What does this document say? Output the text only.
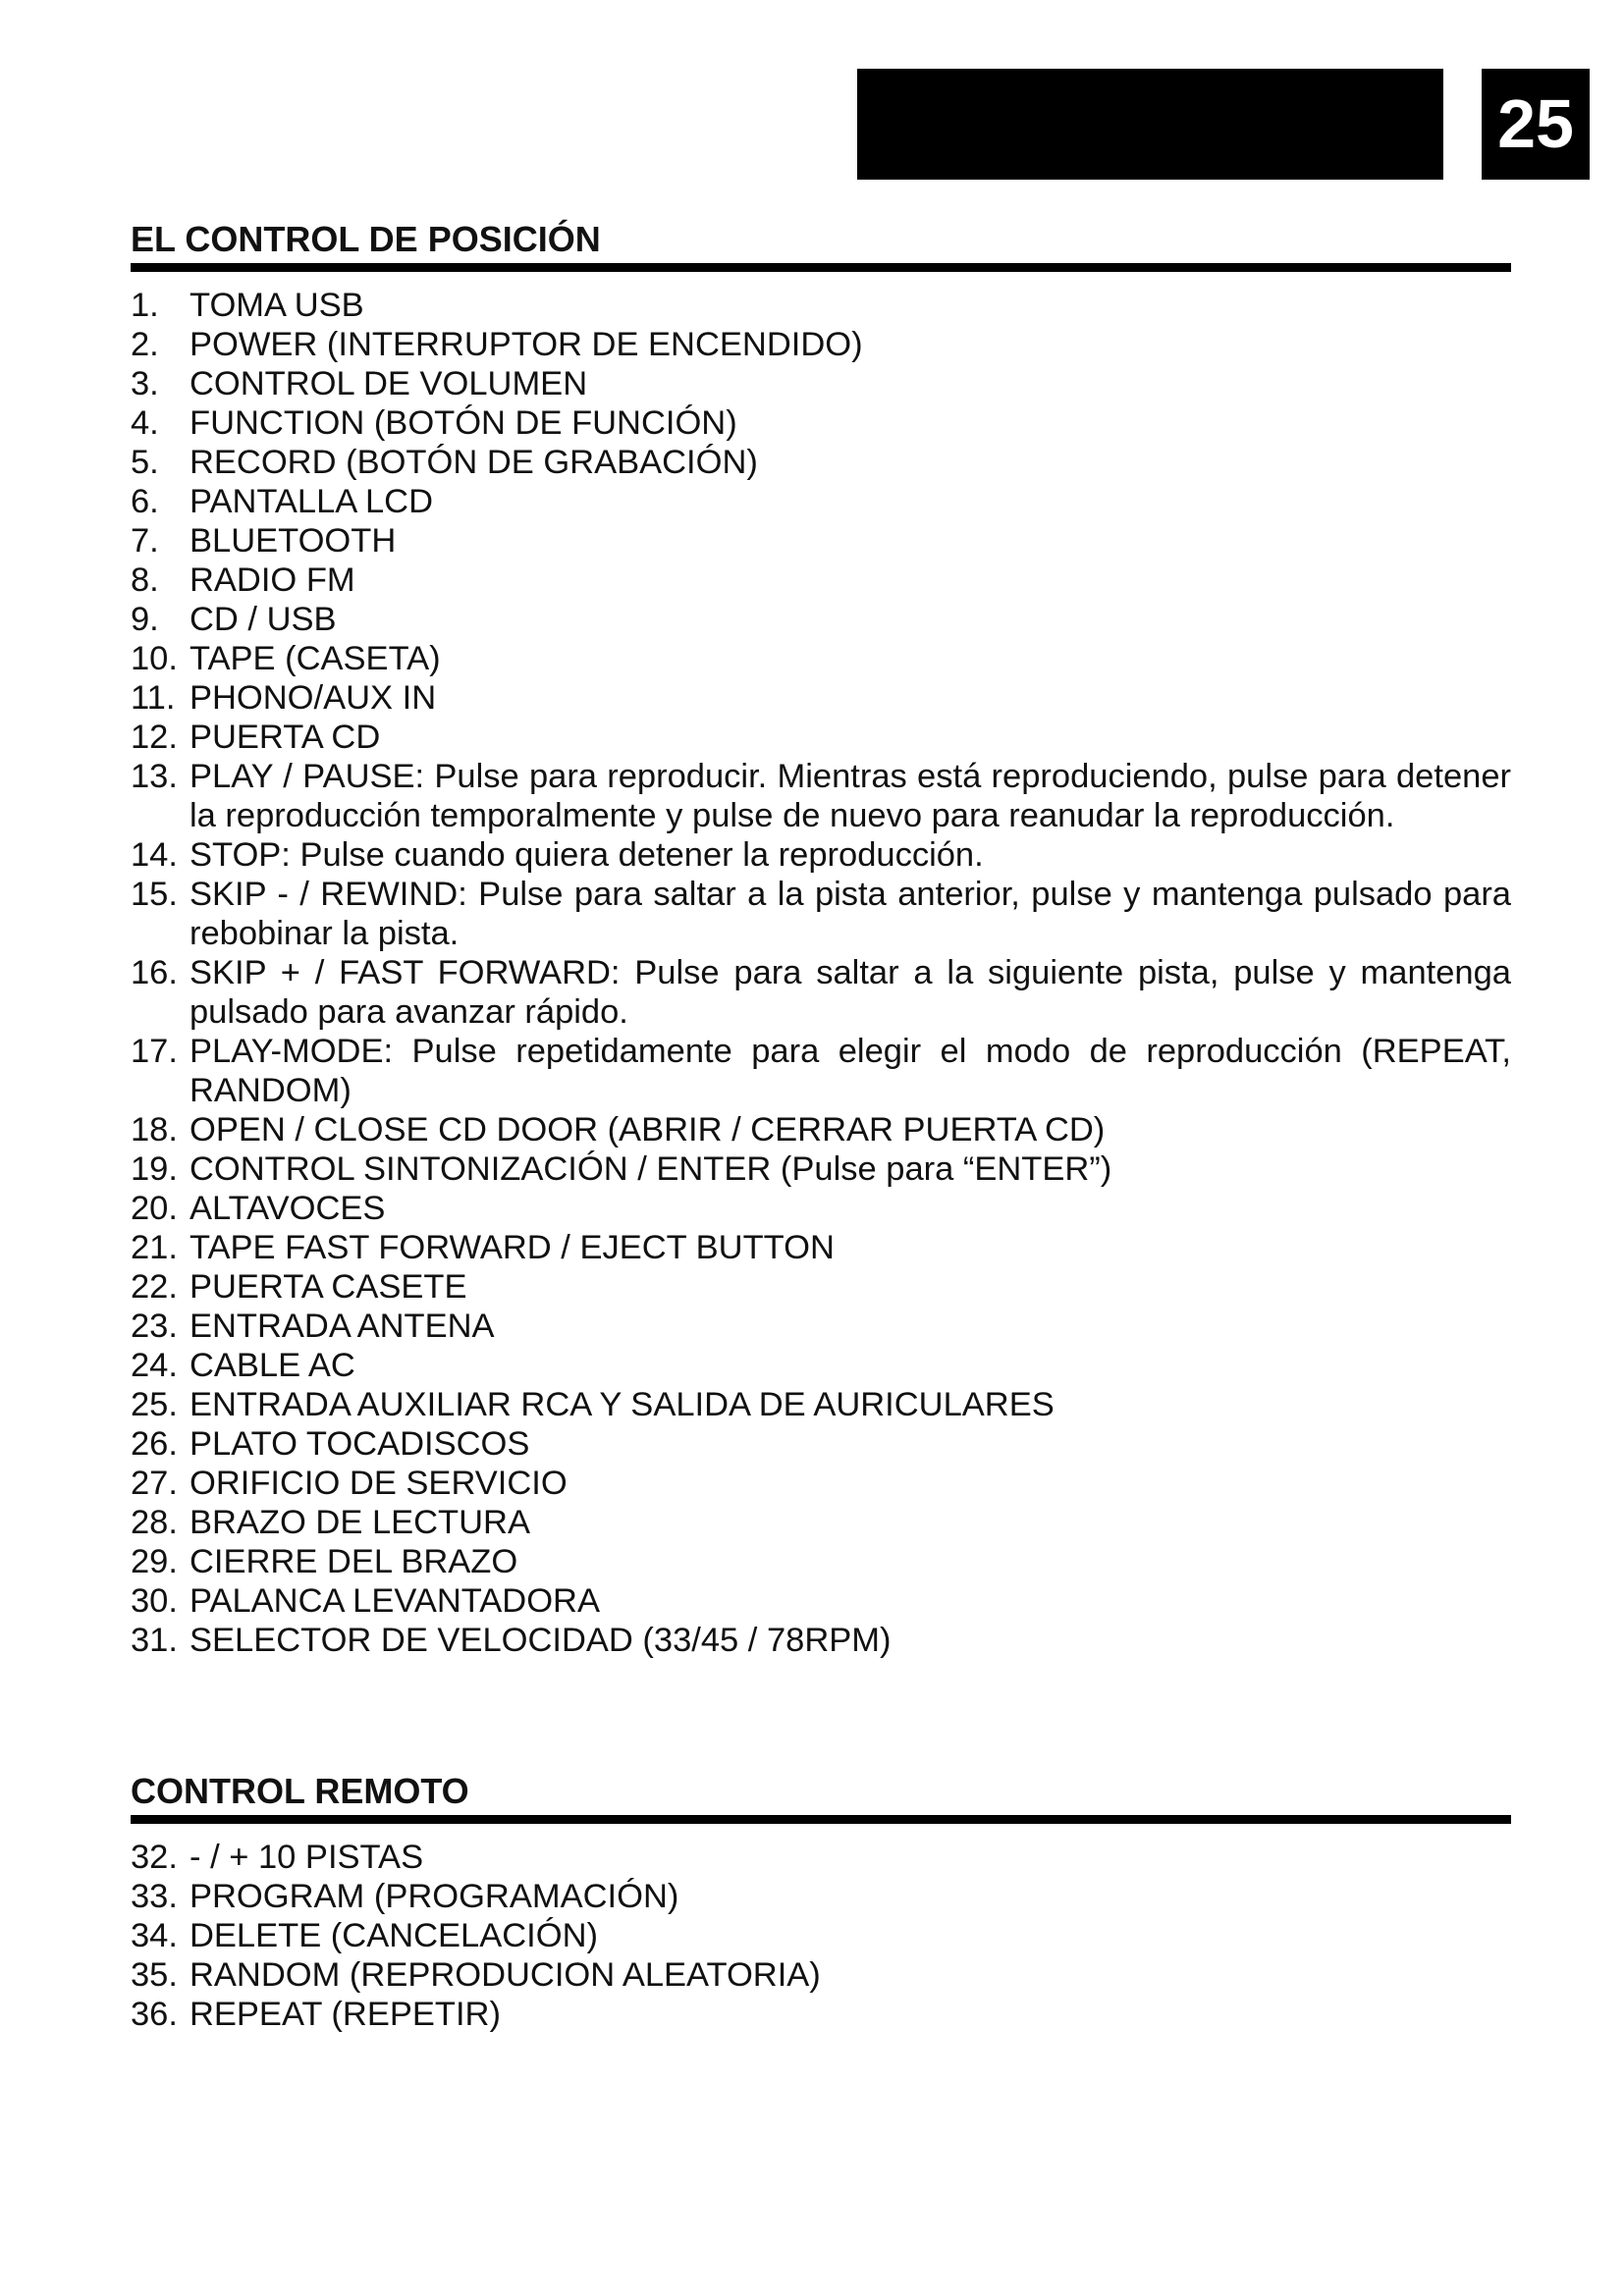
25
EL CONTROL DE POSICIÓN
1. TOMA USB
2. POWER (INTERRUPTOR DE ENCENDIDO)
3. CONTROL DE VOLUMEN
4. FUNCTION (BOTÓN DE FUNCIÓN)
5. RECORD (BOTÓN DE GRABACIÓN)
6. PANTALLA LCD
7. BLUETOOTH
8. RADIO FM
9. CD / USB
10. TAPE (CASETA)
11. PHONO/AUX IN
12. PUERTA CD
13. PLAY / PAUSE: Pulse para reproducir. Mientras está reproduciendo, pulse para detener la reproducción temporalmente y pulse de nuevo para reanudar la reproducción.
14. STOP: Pulse cuando quiera detener la reproducción.
15. SKIP - / REWIND: Pulse para saltar a la pista anterior, pulse y mantenga pulsado para rebobinar la pista.
16. SKIP + / FAST FORWARD: Pulse para saltar a la siguiente pista, pulse y mantenga pulsado para avanzar rápido.
17. PLAY-MODE: Pulse repetidamente para elegir el modo de reproducción (REPEAT, RANDOM)
18. OPEN / CLOSE CD DOOR (ABRIR / CERRAR PUERTA CD)
19. CONTROL SINTONIZACIÓN / ENTER (Pulse para “ENTER”)
20. ALTAVOCES
21. TAPE FAST FORWARD / EJECT BUTTON
22. PUERTA CASETE
23. ENTRADA ANTENA
24. CABLE AC
25. ENTRADA AUXILIAR RCA Y SALIDA DE AURICULARES
26. PLATO TOCADISCOS
27. ORIFICIO DE SERVICIO
28. BRAZO DE LECTURA
29. CIERRE DEL BRAZO
30. PALANCA LEVANTADORA
31. SELECTOR DE VELOCIDAD (33/45 / 78RPM)
CONTROL REMOTO
32. - / + 10 PISTAS
33. PROGRAM (PROGRAMACIÓN)
34. DELETE (CANCELACIÓN)
35. RANDOM (REPRODUCION ALEATORIA)
36. REPEAT (REPETIR)
